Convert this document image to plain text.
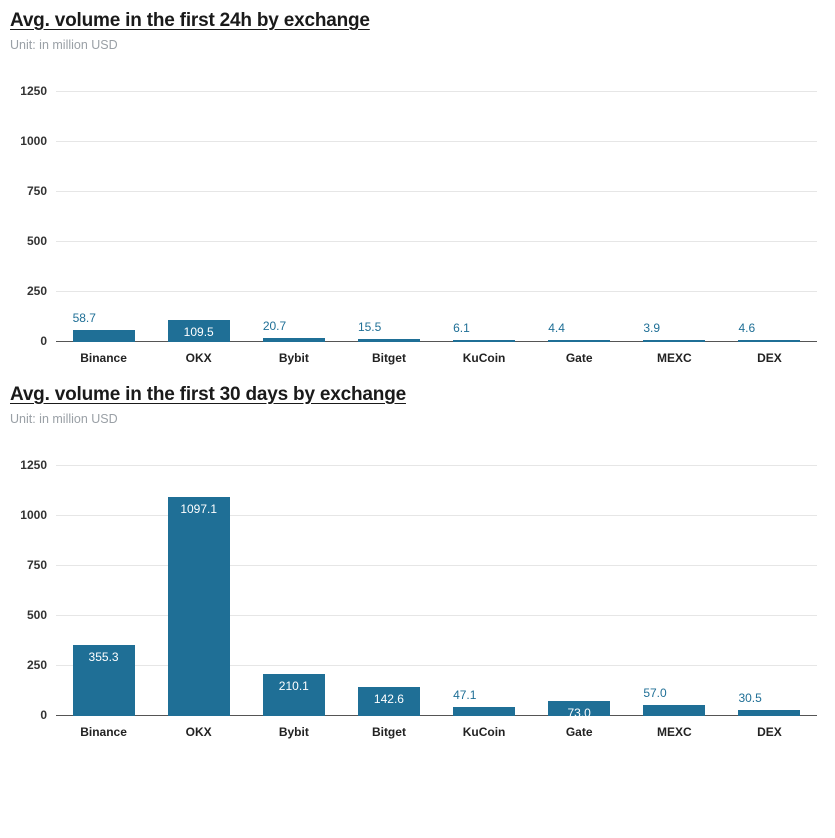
Avg. volume in the first 24h by exchange

Unit: in million USD

0
250
500
750
1000
1250
58.7
Binance
109.5
OKX
20.7
Bybit
15.5
Bitget
6.1
KuCoin
4.4
Gate
3.9
MEXC
4.6
DEX
Avg. volume in the first 30 days by exchange

Unit: in million USD

0
250
500
750
1000
1250
355.3
Binance
1097.1
OKX
210.1
Bybit
142.6
Bitget
47.1
KuCoin
73.0
Gate
57.0
MEXC
30.5
DEX
